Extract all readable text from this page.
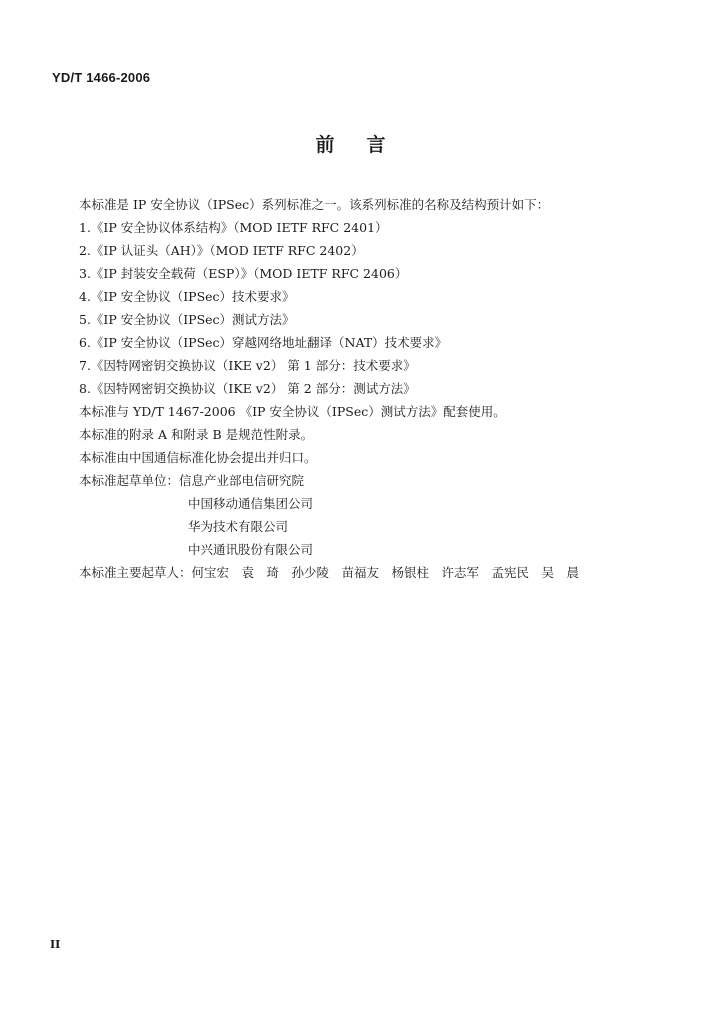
YD/T 1466-2006
前言
本标准是 IP 安全协议（IPSec）系列标准之一。该系列标准的名称及结构预计如下：
1.《IP 安全协议体系结构》（MOD IETF RFC 2401）
2.《IP 认证头（AH）》（MOD IETF RFC 2402）
3.《IP 封装安全载荷（ESP）》（MOD IETF RFC 2406）
4.《IP 安全协议（IPSec）技术要求》
5.《IP 安全协议（IPSec）测试方法》
6.《IP 安全协议（IPSec）穿越网络地址翻译（NAT）技术要求》
7.《因特网密钥交换协议（IKE v2） 第 1 部分：技术要求》
8.《因特网密钥交换协议（IKE v2） 第 2 部分：测试方法》
本标准与 YD/T 1467-2006 《IP 安全协议（IPSec）测试方法》配套使用。
本标准的附录 A 和附录 B 是规范性附录。
本标准由中国通信标准化协会提出并归口。
本标准起草单位：信息产业部电信研究院
中国移动通信集团公司
华为技术有限公司
中兴通讯股份有限公司
本标准主要起草人：何宝宏　袁　琦　孙少陵　苗福友　杨银柱　许志军　孟宪民　吴　晨
II
